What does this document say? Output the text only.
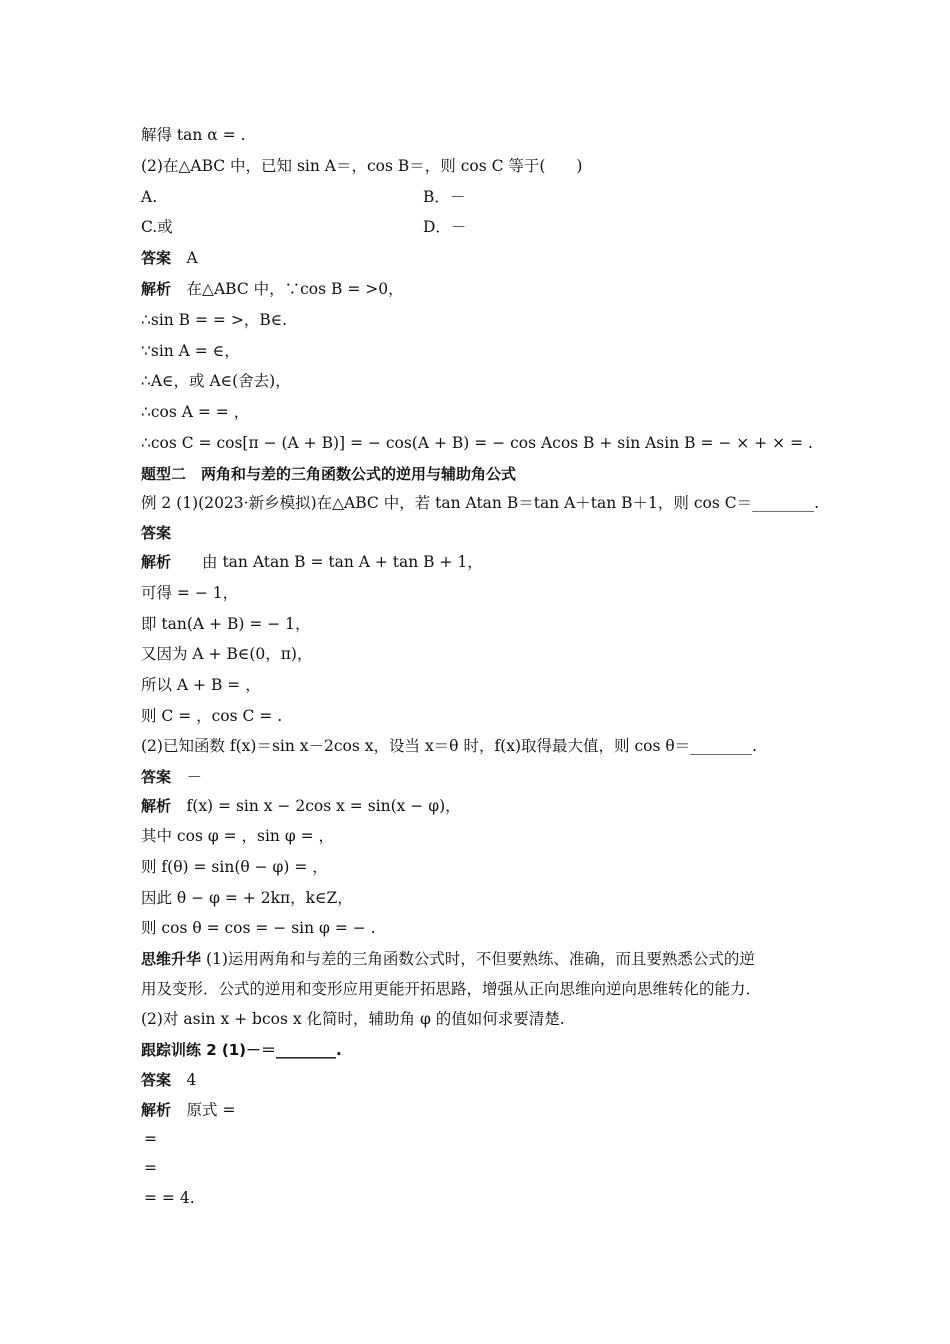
解得 tan α = .
(2)在△ABC 中，已知 sin A＝，cos B＝，则 cos C 等于(　　)
A.	B．－
C.或	D．－
答案　 A
解析　 在△ABC 中，∵cos B = >0，
∴sin B = = >，B∈.
∵sin A = ∈，
∴A∈，或 A∈(舍去)，
∴cos A = = ，
∴cos C = cos[π − (A + B)] = − cos(A + B) = − cos Acos B + sin Asin B = − × + × = .
题型二　两角和与差的三角函数公式的逆用与辅助角公式
例 2 (1)(2023·新乡模拟)在△ABC 中，若 tan Atan B＝tan A＋tan B＋1，则 cos C＝________.
答案
解析　　 由 tan Atan B = tan A + tan B + 1，
可得 = − 1，
即 tan(A + B) = − 1，
又因为 A + B∈(0，π)，
所以 A + B = ，
则 C = ，cos C = .
(2)已知函数 f(x)＝sin x－2cos x，设当 x＝θ 时，f(x)取得最大值，则 cos θ＝________.
答案　 －
解析　 f(x) = sin x − 2cos x = sin(x − φ)，
其中 cos φ = ，sin φ = ，
则 f(θ) = sin(θ − φ) = ，
因此 θ − φ = + 2kπ，k∈Z，
则 cos θ = cos = − sin φ = − .
思维升华 (1)运用两角和与差的三角函数公式时，不但要熟练、准确，而且要熟悉公式的逆
用及变形．公式的逆用和变形应用更能开拓思路，增强从正向思维向逆向思维转化的能力．
(2)对 asin x + bcos x 化简时，辅助角 φ 的值如何求要清楚.
跟踪训练 2 (1)－＝________.
答案　 4
解析　 原式 =
=
=
= = 4.
